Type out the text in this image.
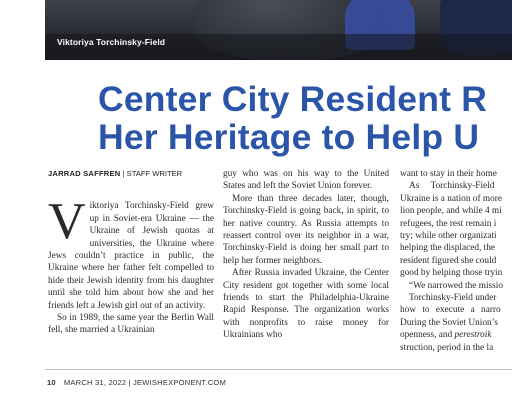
Viktoriya Torchinsky-Field
Center City Resident R
Her Heritage to Help U

JARRAD SAFFREN | STAFF WRITER

Viktoriya Torchinsky-Field grew up in Soviet-era Ukraine — the Ukraine of Jewish quotas at universities, the Ukraine where Jews couldn’t practice in public, the Ukraine where her father felt compelled to hide their Jewish identity from his daughter until she told him about how she and her friends left a Jewish girl out of an activity.

So in 1989, the same year the Berlin Wall fell, she married a Ukrainian

guy who was on his way to the United States and left the Soviet Union forever.

More than three decades later, though, Torchinsky-Field is going back, in spirit, to her native country. As Russia attempts to reassert control over its neighbor in a war, Torchinsky-Field is doing her small part to help her former neighbors.

After Russia invaded Ukraine, the Center City resident got together with some local friends to start the Philadelphia-Ukraine Rapid Response. The organization works with nonprofits to raise money for Ukrainians who

want to stay in their home

As Torchinsky-Field

Ukraine is a nation of more

lion people, and while 4 mi

refugees, the rest remain i

try; while other organizati

helping the displaced, the

resident figured she could

good by helping those tryin

“We narrowed the missio

Torchinsky-Field under

how to execute a narro

During the Soviet Union’s

openness, and perestroik

struction, period in the la

10 MARCH 31, 2022 | JEWISHEXPONENT.COM
